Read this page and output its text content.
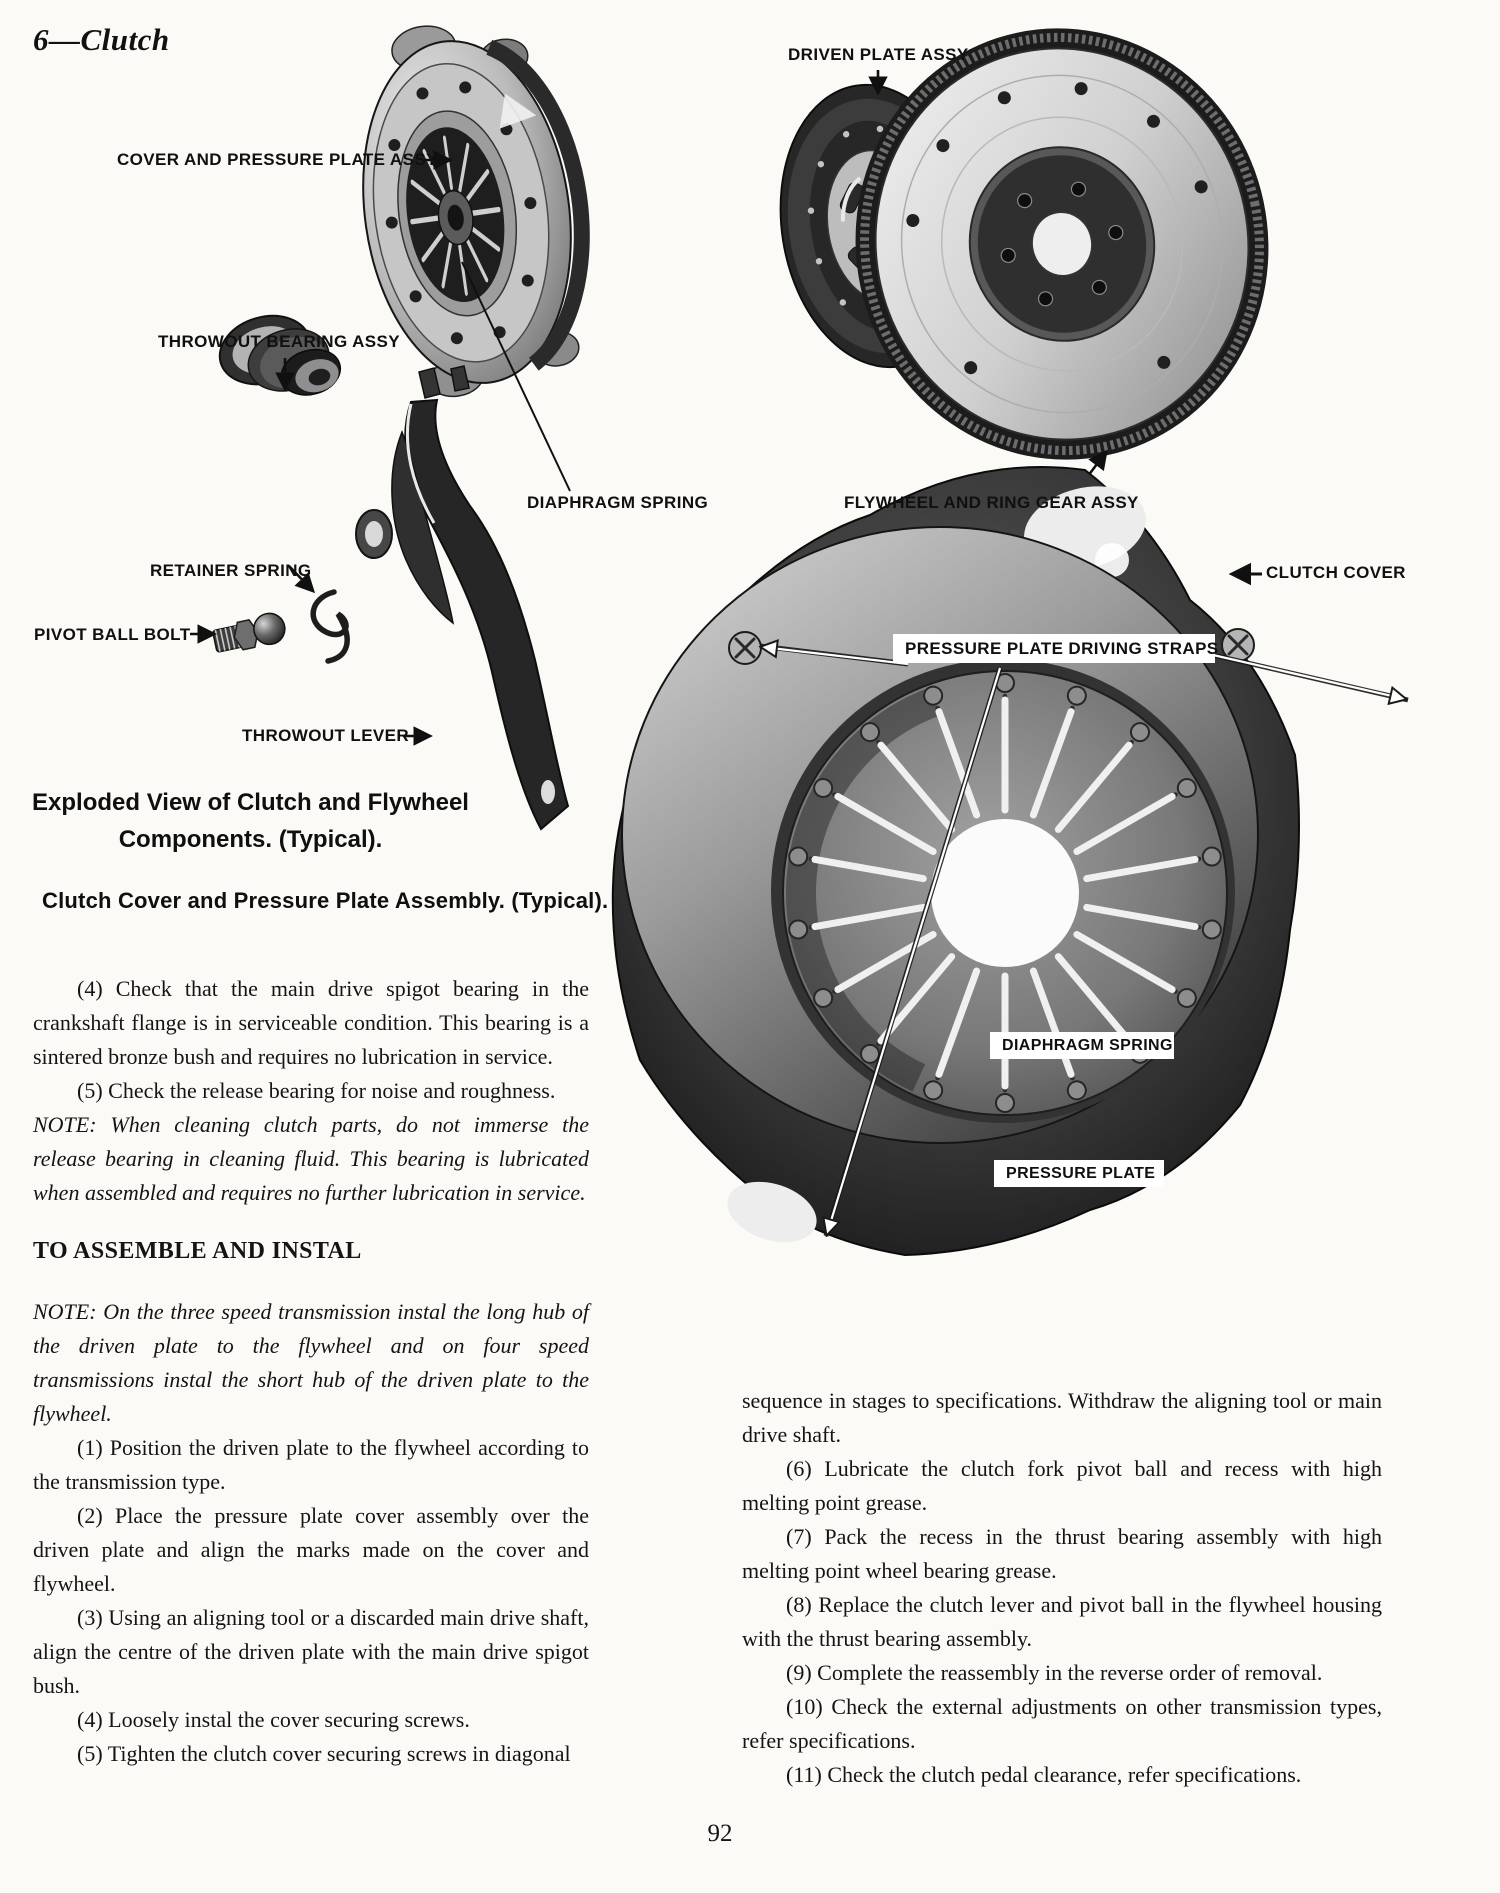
6—Clutch
COVER AND PRESSURE PLATE ASSY
THROWOUT BEARING ASSY
DRIVEN PLATE ASSY
DIAPHRAGM SPRING	FLYWHEEL AND RING GEAR ASSY
RETAINER SPRING
PIVOT BALL BOLT
THROWOUT LEVER
Exploded View of Clutch and Flywheel
Components. (Typical).
CLUTCH COVER
PRESSURE PLATE DRIVING STRAPS
DIAPHRAGM SPRING
PRESSURE PLATE
Clutch Cover and Pressure Plate Assembly. (Typical).

(4) Check that the main drive spigot bearing in the crankshaft flange is in serviceable condition. This bearing is a sintered bronze bush and requires no lubrication in service.

(5) Check the release bearing for noise and roughness.

NOTE: When cleaning clutch parts, do not immerse the release bearing in cleaning fluid. This bearing is lubricated when assembled and requires no further lubrication in service.

TO ASSEMBLE AND INSTAL

NOTE: On the three speed transmission instal the long hub of the driven plate to the flywheel and on four speed transmissions instal the short hub of the driven plate to the flywheel.

(1) Position the driven plate to the flywheel according to the transmission type.

(2) Place the pressure plate cover assembly over the driven plate and align the marks made on the cover and flywheel.

(3) Using an aligning tool or a discarded main drive shaft, align the centre of the driven plate with the main drive spigot bush.

(4) Loosely instal the cover securing screws.

(5) Tighten the clutch cover securing screws in diagonal

sequence in stages to specifications. Withdraw the aligning tool or main drive shaft.

(6) Lubricate the clutch fork pivot ball and recess with high melting point grease.

(7) Pack the recess in the thrust bearing assembly with high melting point wheel bearing grease.

(8) Replace the clutch lever and pivot ball in the flywheel housing with the thrust bearing assembly.

(9) Complete the reassembly in the reverse order of removal.

(10) Check the external adjustments on other transmission types, refer specifications.

(11) Check the clutch pedal clearance, refer specifications.

92
